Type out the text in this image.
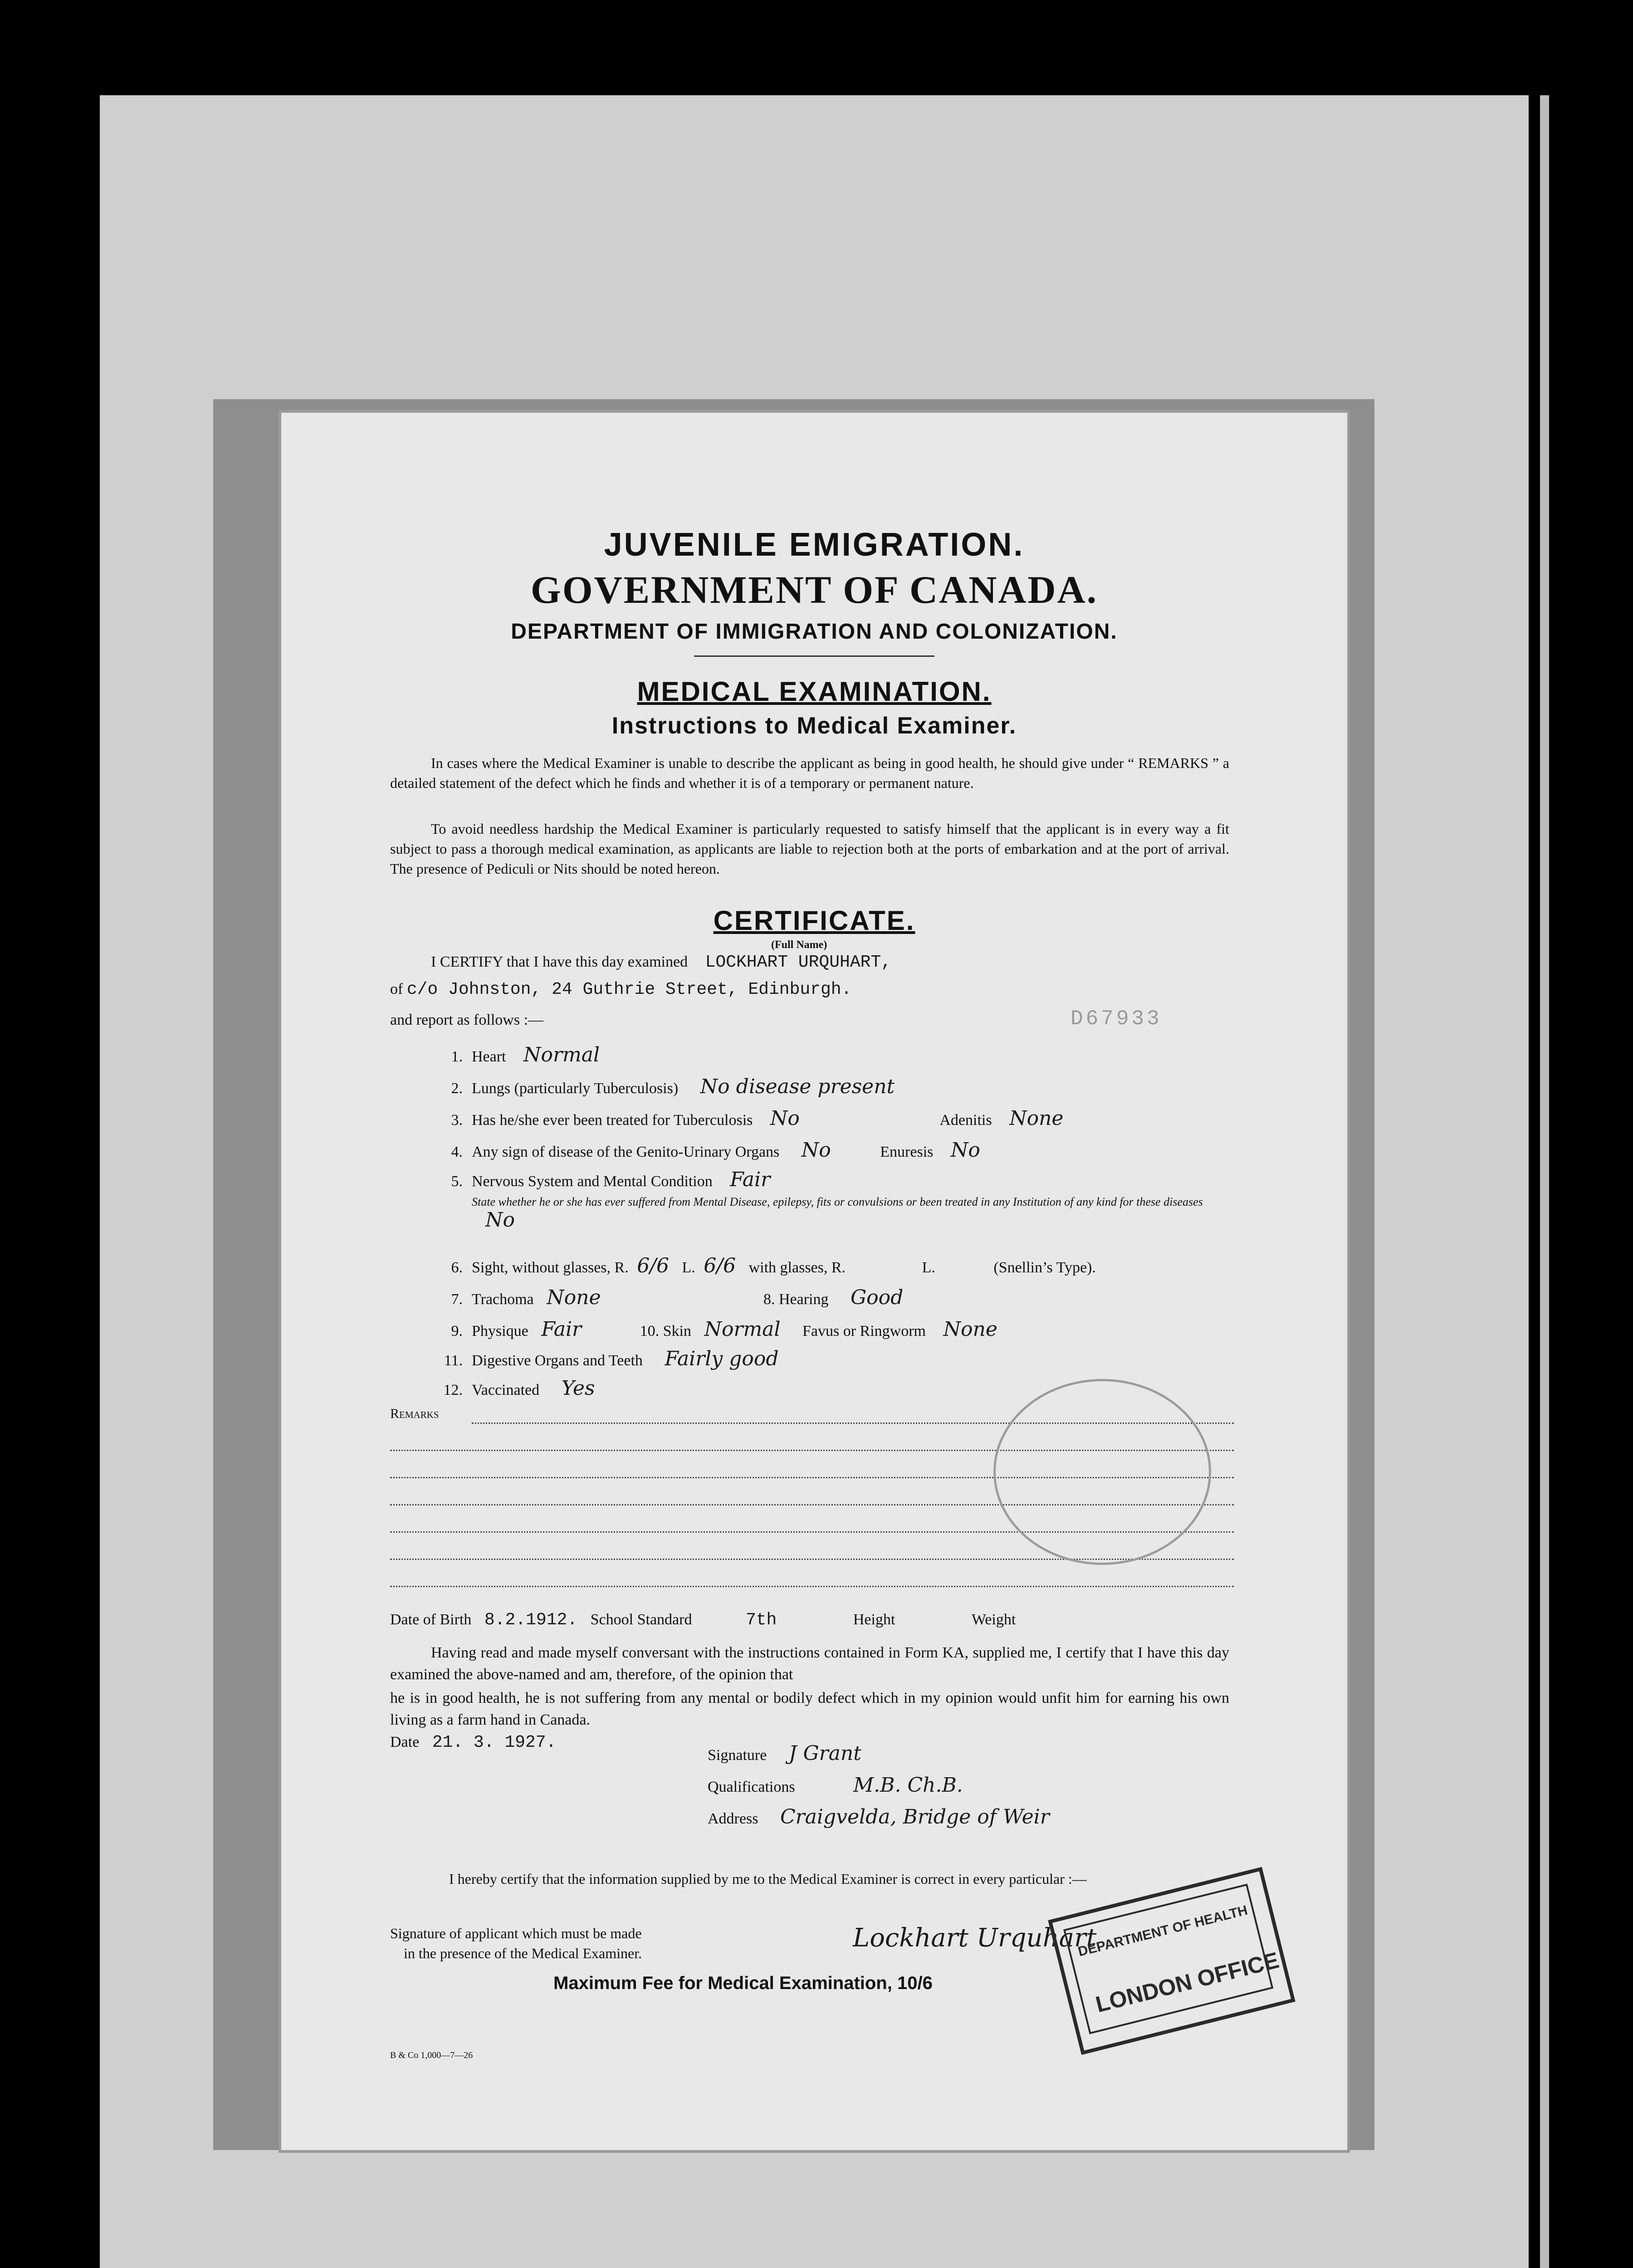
JUVENILE EMIGRATION.
GOVERNMENT OF CANADA.
DEPARTMENT OF IMMIGRATION AND COLONIZATION.
MEDICAL EXAMINATION.
Instructions to Medical Examiner.
In cases where the Medical Examiner is unable to describe the applicant as being in good health, he should give under “ REMARKS ” a detailed statement of the defect which he finds and whether it is of a temporary or permanent nature.
To avoid needless hardship the Medical Examiner is particularly requested to satisfy himself that the applicant is in every way a fit subject to pass a thorough medical examination, as applicants are liable to rejection both at the ports of embarkation and at the port of arrival. The presence of Pediculi or Nits should be noted hereon.
CERTIFICATE.
(Full Name)
I CERTIFY that I have this day examined LOCKHART URQUHART,
of c/o Johnston, 24 Guthrie Street, Edinburgh.
D67933
and report as follows :—
1. Heart Normal
2. Lungs (particularly Tuberculosis) No disease present
3. Has he/she ever been treated for Tuberculosis No	Adenitis None
4. Any sign of disease of the Genito-Urinary Organs No	Enuresis No
5. Nervous System and Mental Condition Fair
State whether he or she has ever suffered from Mental Disease, epilepsy, fits or convulsions or been treated in any Institution of any kind for these diseases No
6. Sight, without glasses, R. 6/6 L. 6/6 with glasses, R.	L.	(Snellin’s Type).
7. Trachoma None	8. Hearing Good
9. Physique Fair	10. Skin Normal Favus or Ringworm None
11. Digestive Organs and Teeth Fairly good
12. Vaccinated Yes
Remarks
Date of Birth 8.2.1912. School Standard	7th	Height	Weight
Having read and made myself conversant with the instructions contained in Form KA, supplied me, I certify that I have this day examined the above-named and am, therefore, of the opinion that
he is in good health, he is not suffering from any mental or bodily defect which in my opinion would unfit him for earning his own living as a farm hand in Canada.
Date 21. 3. 1927.
Signature J Grant
Qualifications	M.B. Ch.B.
Address Craigvelda, Bridge of Weir
I hereby certify that the information supplied by me to the Medical Examiner is correct in every particular :—
Signature of applicant which must be made
in the presence of the Medical Examiner.
Lockhart Urquhart
Maximum Fee for Medical Examination, 10/6
B & Co 1,000—7—26
DEPARTMENT OF HEALTH
LONDON OFFICE
